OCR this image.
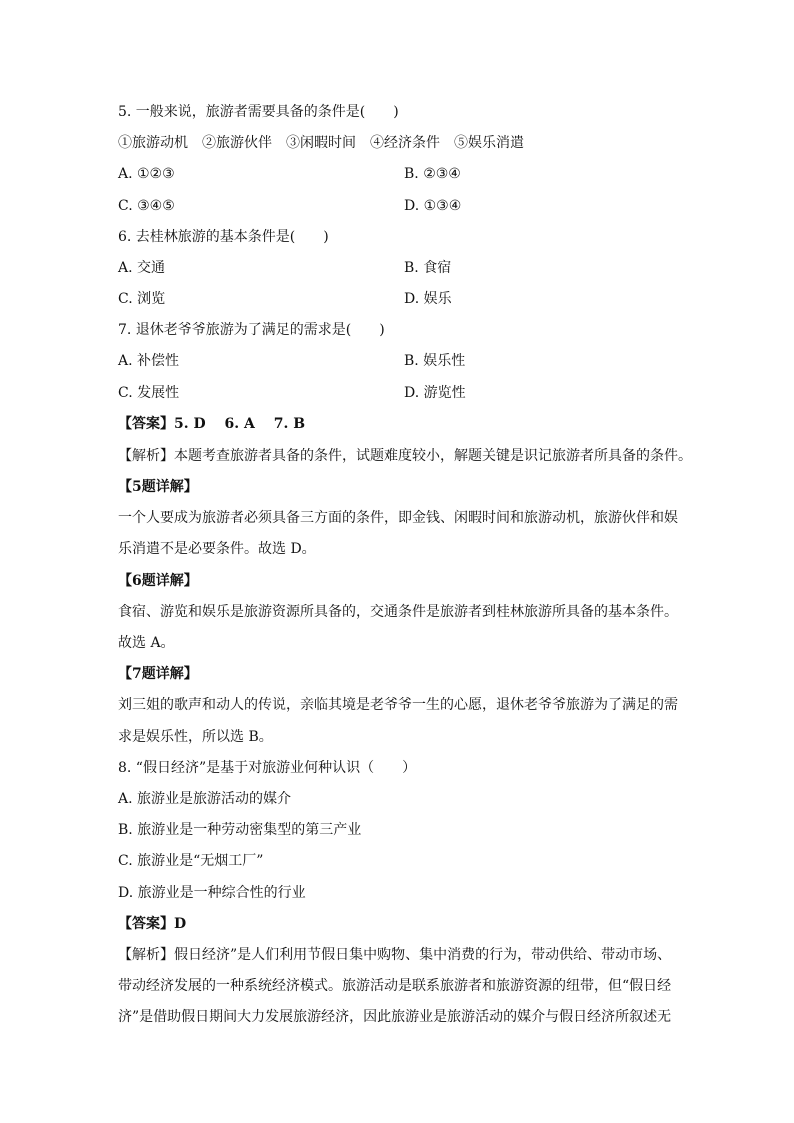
5. 一般来说，旅游者需要具备的条件是(　　)
①旅游动机　②旅游伙伴　③闲暇时间　④经济条件　⑤娱乐消遣
A. ①②③	B. ②③④
C. ③④⑤	D. ①③④
6. 去桂林旅游的基本条件是(　　)
A. 交通	B. 食宿
C. 浏览	D. 娱乐
7. 退休老爷爷旅游为了满足的需求是(　　)
A. 补偿性	B. 娱乐性
C. 发展性	D. 游览性
【答案】5. D　 6. A　 7. B
【解析】本题考查旅游者具备的条件，试题难度较小，解题关键是识记旅游者所具备的条件。
【5题详解】
一个人要成为旅游者必须具备三方面的条件，即金钱、闲暇时间和旅游动机，旅游伙伴和娱
乐消遣不是必要条件。故选 D。
【6题详解】
食宿、游览和娱乐是旅游资源所具备的，交通条件是旅游者到桂林旅游所具备的基本条件。
故选 A。
【7题详解】
刘三姐的歌声和动人的传说，亲临其境是老爷爷一生的心愿，退休老爷爷旅游为了满足的需
求是娱乐性，所以选 B。
8. “假日经济”是基于对旅游业何种认识（　　）
A. 旅游业是旅游活动的媒介
B. 旅游业是一种劳动密集型的第三产业
C. 旅游业是“无烟工厂”
D. 旅游业是一种综合性的行业
【答案】D
【解析】假日经济”是人们利用节假日集中购物、集中消费的行为，带动供给、带动市场、
带动经济发展的一种系统经济模式。旅游活动是联系旅游者和旅游资源的纽带，但“假日经
济”是借助假日期间大力发展旅游经济，因此旅游业是旅游活动的媒介与假日经济所叙述无
